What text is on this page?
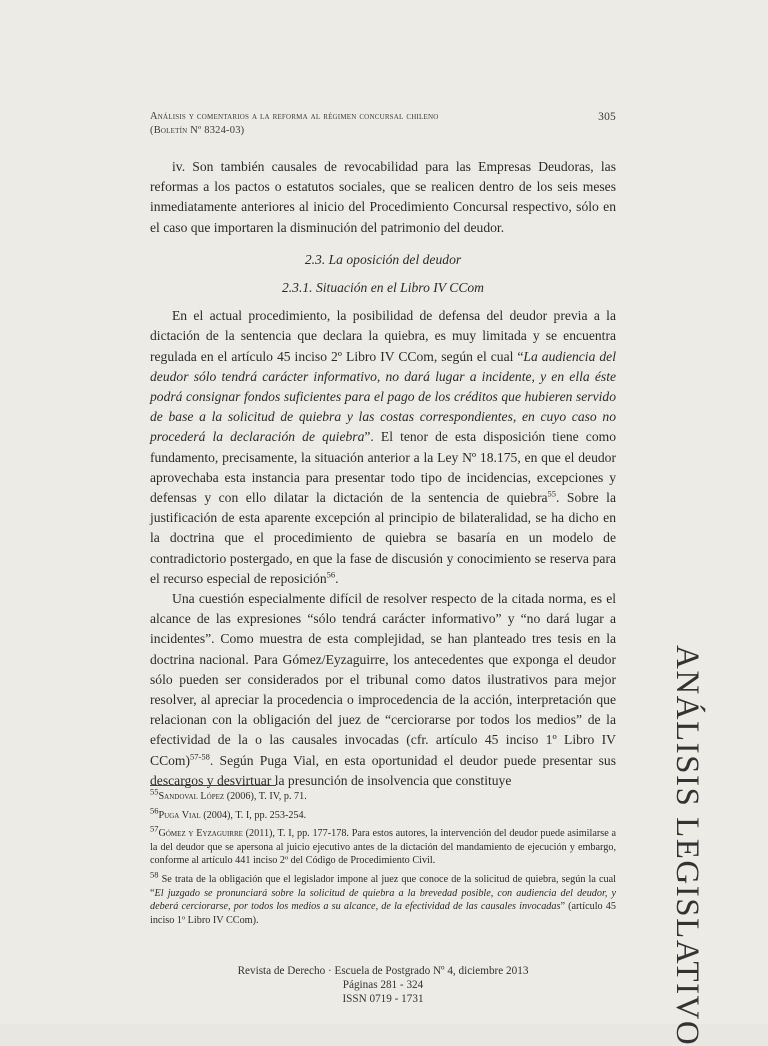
Análisis y comentarios a la reforma al régimen concursal chileno
(Boletín Nº 8324-03)
305

iv. Son también causales de revocabilidad para las Empresas Deudoras, las reformas a los pactos o estatutos sociales, que se realicen dentro de los seis meses inmediatamente anteriores al inicio del Procedimiento Concursal respectivo, sólo en el caso que importaren la disminución del patrimonio del deudor.

2.3. La oposición del deudor

2.3.1. Situación en el Libro IV CCom

En el actual procedimiento, la posibilidad de defensa del deudor previa a la dictación de la sentencia que declara la quiebra, es muy limitada y se encuentra regulada en el artículo 45 inciso 2º Libro IV CCom, según el cual “La audiencia del deudor sólo tendrá carácter informativo, no dará lugar a incidente, y en ella éste podrá consignar fondos suficientes para el pago de los créditos que hubieren servido de base a la solicitud de quiebra y las costas correspondientes, en cuyo caso no procederá la declaración de quiebra”. El tenor de esta disposición tiene como fundamento, precisamente, la situación anterior a la Ley Nº 18.175, en que el deudor aprovechaba esta instancia para presentar todo tipo de incidencias, excepciones y defensas y con ello dilatar la dictación de la sentencia de quiebra$^{55}$. Sobre la justificación de esta aparente excepción al principio de bilateralidad, se ha dicho en la doctrina que el procedimiento de quiebra se basaría en un modelo de contradictorio postergado, en que la fase de discusión y conocimiento se reserva para el recurso especial de reposición$^{56}$.

Una cuestión especialmente difícil de resolver respecto de la citada norma, es el alcance de las expresiones “sólo tendrá carácter informativo” y “no dará lugar a incidentes”. Como muestra de esta complejidad, se han planteado tres tesis en la doctrina nacional. Para Gómez/Eyzaguirre, los antecedentes que exponga el deudor sólo pueden ser considerados por el tribunal como datos ilustrativos para mejor resolver, al apreciar la procedencia o improcedencia de la acción, interpretación que relacionan con la obligación del juez de “cerciorarse por todos los medios” de la efectividad de la o las causales invocadas (cfr. artículo 45 inciso 1º Libro IV CCom)$^{57-58}$. Según Puga Vial, en esta oportunidad el deudor puede presentar sus descargos y desvirtuar la presunción de insolvencia que constituye

$^{55}$Sandoval López (2006), T. IV, p. 71.

$^{56}$Puga Vial (2004), T. I, pp. 253-254.

$^{57}$Gómez y Eyzaguirre (2011), T. I, pp. 177-178. Para estos autores, la intervención del deudor puede asimilarse a la del deudor que se apersona al juicio ejecutivo antes de la dictación del mandamiento de ejecución y embargo, conforme al artículo 441 inciso 2º del Código de Procedimiento Civil.

$^{58}$ Se trata de la obligación que el legislador impone al juez que conoce de la solicitud de quiebra, según la cual “El juzgado se pronunciará sobre la solicitud de quiebra a la brevedad posible, con audiencia del deudor, y deberá cerciorarse, por todos los medios a su alcance, de la efectividad de las causales invocadas” (artículo 45 inciso 1º Libro IV CCom).	ANÁLISIS LEGISLATIVO
Revista de Derecho · Escuela de Postgrado Nº 4, diciembre 2013
Páginas 281 - 324
ISSN 0719 - 1731
